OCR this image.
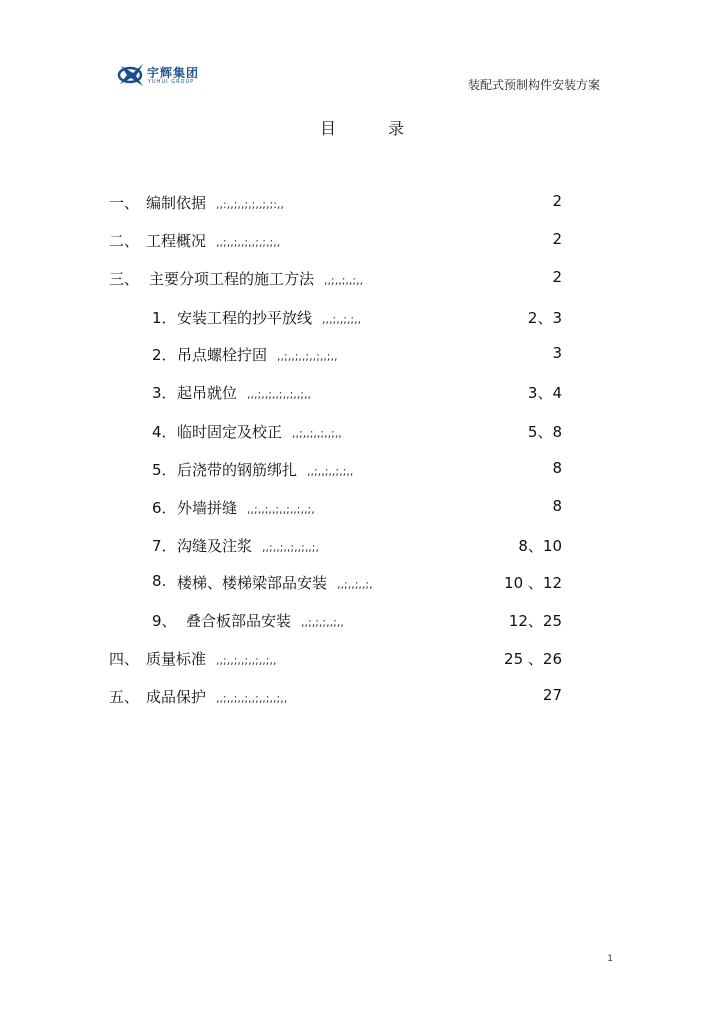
宇辉集团
YUHUI GROUP	装配式预制构件安装方案
目	录
一、 编制依据 ,,:,,;,,;,;,,;,;:,,	2
二、 工程概况 ,,;,,;,,;,,;,;,;,,	2
三、 主要分项工程的施工方法 ,,;,,;,,;,,	2
1． 安装工程的抄平放线 ,,,;,,;,;,,	2、3
2． 吊点螺栓拧固 ,,;,,;,,;,,;,,;,,	3
3． 起吊就位 ,,,;,,;,,;,,;,,;,,	3、4
4． 临时固定及校正 ,,;,,;,,;,,;,,	5、8
5． 后浇带的钢筋绑扎 ,,;,,;,,;,;,,	8
6． 外墙拼缝 ,,;,,;,,;,,;,,;,,;,	8
7． 沟缝及注浆 ,,;,,;,,;,,;,,;,	8、10
8. 楼梯、楼梯梁部品安装 ,,;,,;,,;,	10 、12
9、 叠合板部品安装 ,,;,;,;,,;,,	12、25
四、 质量标准 ,,;,,;,,;,,;,,;,,	25 、26
五、 成品保护 ,,;,,;,,;,,;,,;,,;,,	27
1
